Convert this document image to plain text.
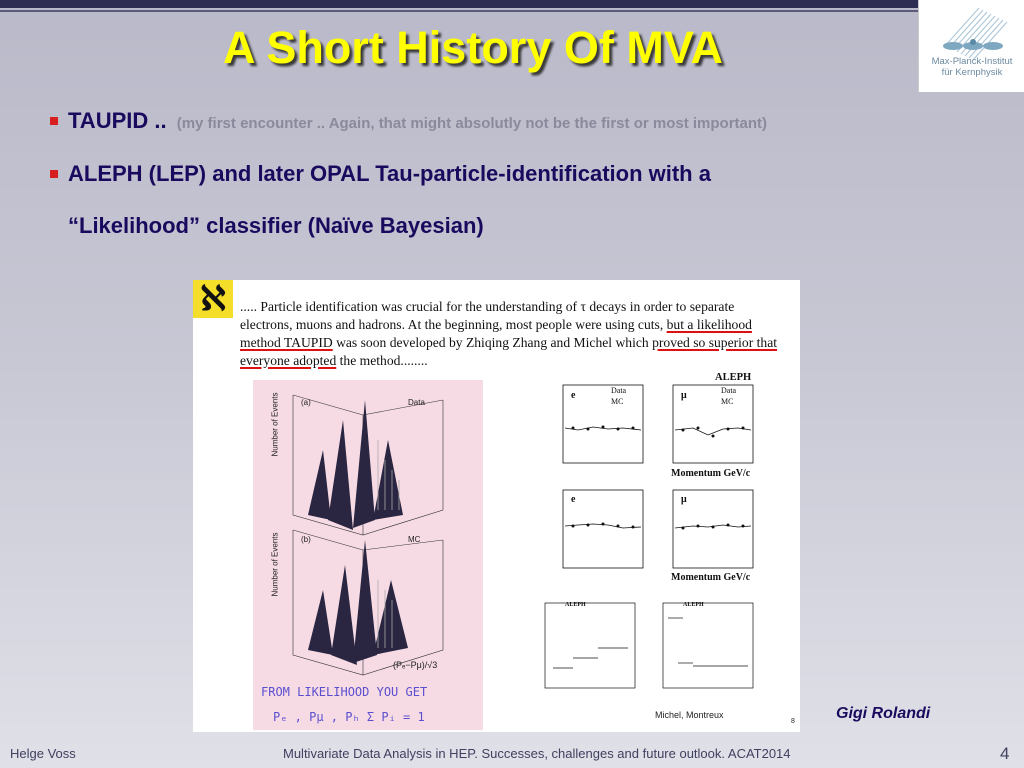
A Short History Of MVA	Max-Planck-Institut
für Kernphysik
TAUPID .. (my first encounter .. Again, that might absolutly not be the first or most important)
ALEPH (LEP) and later OPAL Tau-particle-identification with a
“Likelihood” classifier (Naïve Bayesian)
ℵ	..... Particle identification was crucial for the understanding of τ decays in order to separate
electrons, muons and hadrons. At the beginning, most people were using cuts, but a likelihood
method TAUPID was soon developed by Zhiqing Zhang and Michel which proved so superior that
everyone adopted the method........
Number of Events
Number of Events
(a)
(b)
Data
MC
(Pₑ−Pμ)/√3
FROM LIKELIHOOD YOU GET
Pₑ , Pμ , Pₕ Σ Pᵢ = 1
ALEPH
e	μ
e	μ
Data
MC
Data
MC
Momentum GeV/c
Momentum GeV/c
ALEPH	ALEPH
Michel, Montreux
8	Gigi Rolandi
Helge Voss	Multivariate Data Analysis in HEP. Successes, challenges and future outlook. ACAT2014	4
